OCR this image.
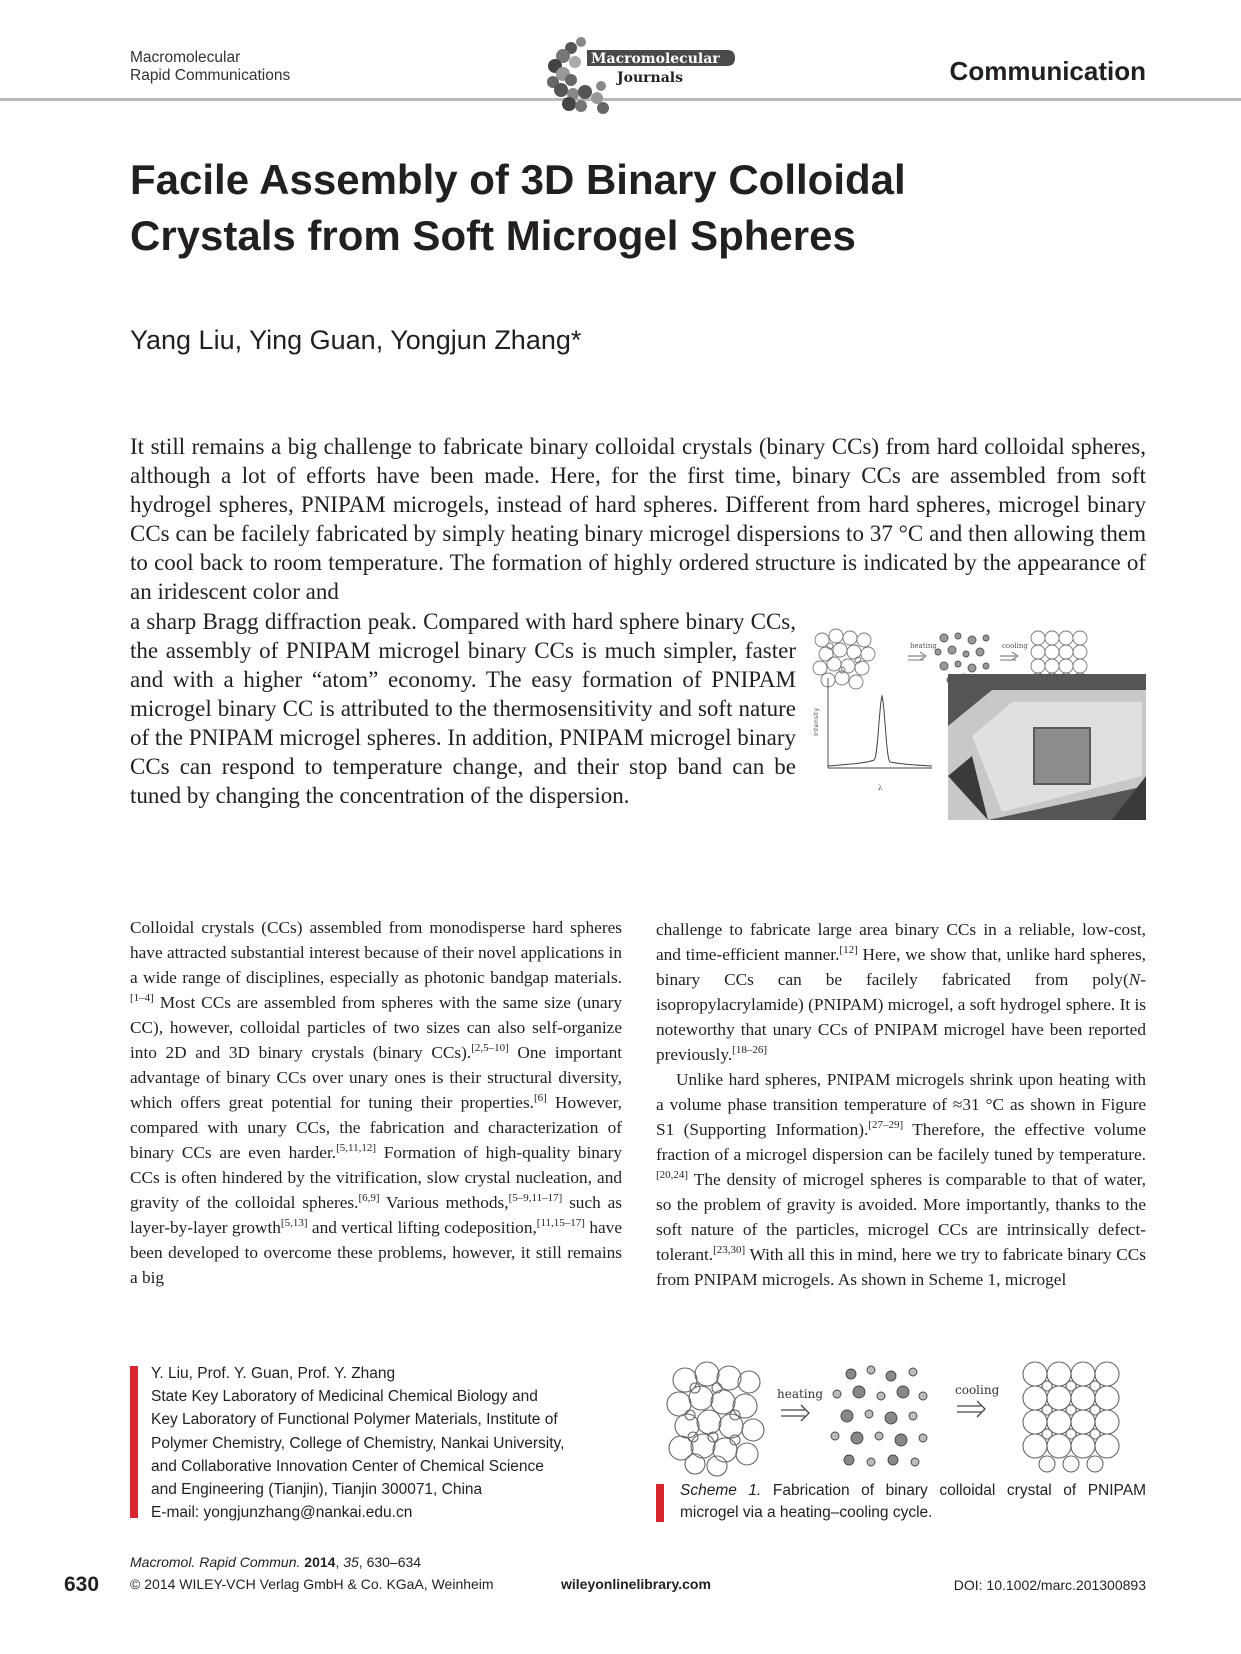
Macromolecular
Rapid Communications
Macromolecular
Journals	Communication
Facile Assembly of 3D Binary Colloidal
Crystals from Soft Microgel Spheres
Yang Liu, Ying Guan, Yongjun Zhang*
It still remains a big challenge to fabricate binary colloidal crystals (binary CCs) from hard colloidal spheres, although a lot of efforts have been made. Here, for the first time, binary CCs are assembled from soft hydrogel spheres, PNIPAM microgels, instead of hard spheres. Different from hard spheres, microgel binary CCs can be facilely fabricated by simply heating binary microgel dispersions to 37 °C and then allowing them to cool back to room temperature. The formation of highly ordered structure is indicated by the appearance of an iridescent color and
a sharp Bragg diffraction peak. Compared with hard sphere binary CCs, the assembly of PNIPAM microgel binary CCs is much simpler, faster and with a higher “atom” economy. The easy formation of PNIPAM microgel binary CC is attributed to the thermosensitivity and soft nature of the PNIPAM microgel spheres. In addition, PNIPAM microgel binary CCs can respond to temperature change, and their stop band can be tuned by changing the concentration of the dispersion.
heating	cooling
Intensity
λ

Colloidal crystals (CCs) assembled from monodisperse hard spheres have attracted substantial interest because of their novel applications in a wide range of disciplines, especially as photonic bandgap materials.[1–4] Most CCs are assembled from spheres with the same size (unary CC), however, colloidal particles of two sizes can also self-organize into 2D and 3D binary crystals (binary CCs).[2,5–10] One important advantage of binary CCs over unary ones is their structural diversity, which offers great potential for tuning their properties.[6] However, compared with unary CCs, the fabrication and characterization of binary CCs are even harder.[5,11,12] Formation of high-quality binary CCs is often hindered by the vitrification, slow crystal nucleation, and gravity of the colloidal spheres.[6,9] Various methods,[5–9,11–17] such as layer-by-layer growth[5,13] and vertical lifting codeposition,[11,15–17] have been developed to overcome these problems, however, it still remains a big

challenge to fabricate large area binary CCs in a reliable, low-cost, and time-efficient manner.[12] Here, we show that, unlike hard spheres, binary CCs can be facilely fabricated from poly(N-isopropylacrylamide) (PNIPAM) microgel, a soft hydrogel sphere. It is noteworthy that unary CCs of PNIPAM microgel have been reported previously.[18–26]

Unlike hard spheres, PNIPAM microgels shrink upon heating with a volume phase transition temperature of ≈31 °C as shown in Figure S1 (Supporting Information).[27–29] Therefore, the effective volume fraction of a microgel dispersion can be facilely tuned by temperature.[20,24] The density of microgel spheres is comparable to that of water, so the problem of gravity is avoided. More importantly, thanks to the soft nature of the particles, microgel CCs are intrinsically defect-tolerant.[23,30] With all this in mind, here we try to fabricate binary CCs from PNIPAM microgels. As shown in Scheme 1, microgel

Y. Liu, Prof. Y. Guan, Prof. Y. Zhang
State Key Laboratory of Medicinal Chemical Biology and
Key Laboratory of Functional Polymer Materials, Institute of
Polymer Chemistry, College of Chemistry, Nankai University,
and Collaborative Innovation Center of Chemical Science
and Engineering (Tianjin), Tianjin 300071, China
E-mail: yongjunzhang@nankai.edu.cn
heating	cooling
Scheme 1. Fabrication of binary colloidal crystal of PNIPAM microgel via a heating–cooling cycle.
630
Macromol. Rapid Commun. 2014, 35, 630–634
© 2014 WILEY-VCH Verlag GmbH & Co. KGaA, Weinheim	wileyonlinelibrary.com	DOI: 10.1002/marc.201300893
